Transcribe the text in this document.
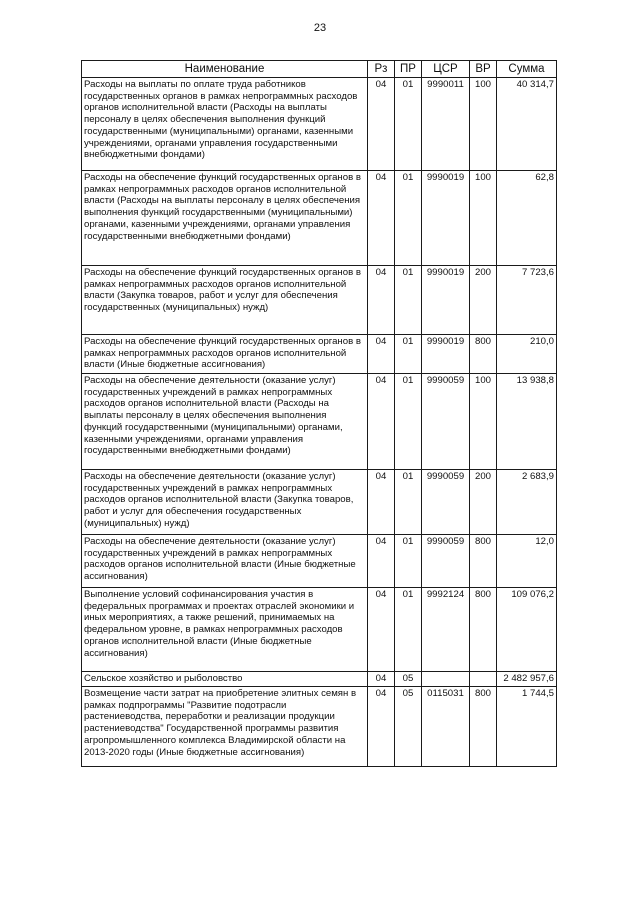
23
Наименование	Рз	ПР	ЦСР	ВР	Сумма
Расходы на выплаты по оплате труда работников государственных органов в рамках непрограммных расходов органов исполнительной власти (Расходы на выплаты персоналу в целях обеспечения выполнения функций государственными (муниципальными) органами, казенными учреждениями, органами управления государственными внебюджетными фондами)	04	01	9990011	100	40 314,7
Расходы на обеспечение функций государственных органов в рамках непрограммных расходов органов исполнительной власти (Расходы на выплаты персоналу в целях обеспечения выполнения функций государственными (муниципальными) органами, казенными учреждениями, органами управления государственными внебюджетными фондами)	04	01	9990019	100	62,8
Расходы на обеспечение функций государственных органов в рамках непрограммных расходов органов исполнительной власти (Закупка товаров, работ и услуг для обеспечения государственных (муниципальных) нужд)	04	01	9990019	200	7 723,6
Расходы на обеспечение функций государственных органов в рамках непрограммных расходов органов исполнительной власти (Иные бюджетные ассигнования)	04	01	9990019	800	210,0
Расходы на обеспечение деятельности (оказание услуг) государственных учреждений в рамках непрограммных расходов органов исполнительной власти (Расходы на выплаты персоналу в целях обеспечения выполнения функций государственными (муниципальными) органами, казенными учреждениями, органами управления государственными внебюджетными фондами)	04	01	9990059	100	13 938,8
Расходы на обеспечение деятельности (оказание услуг) государственных учреждений в рамках непрограммных расходов органов исполнительной власти (Закупка товаров, работ и услуг для обеспечения государственных (муниципальных) нужд)	04	01	9990059	200	2 683,9
Расходы на обеспечение деятельности (оказание услуг) государственных учреждений в рамках непрограммных расходов органов исполнительной власти (Иные бюджетные ассигнования)	04	01	9990059	800	12,0
Выполнение условий софинансирования участия в федеральных программах и проектах отраслей экономики и иных мероприятиях, а также решений, принимаемых на федеральном уровне, в рамках непрограммных расходов органов исполнительной власти (Иные бюджетные ассигнования)	04	01	9992124	800	109 076,2
Сельское хозяйство и рыболовство	04	05			2 482 957,6
Возмещение части затрат на приобретение элитных семян в рамках подпрограммы "Развитие подотрасли растениеводства, переработки и реализации продукции растениеводства" Государственной программы развития агропромышленного комплекса Владимирской области на 2013-2020 годы (Иные бюджетные ассигнования)	04	05	0115031	800	1 744,5
